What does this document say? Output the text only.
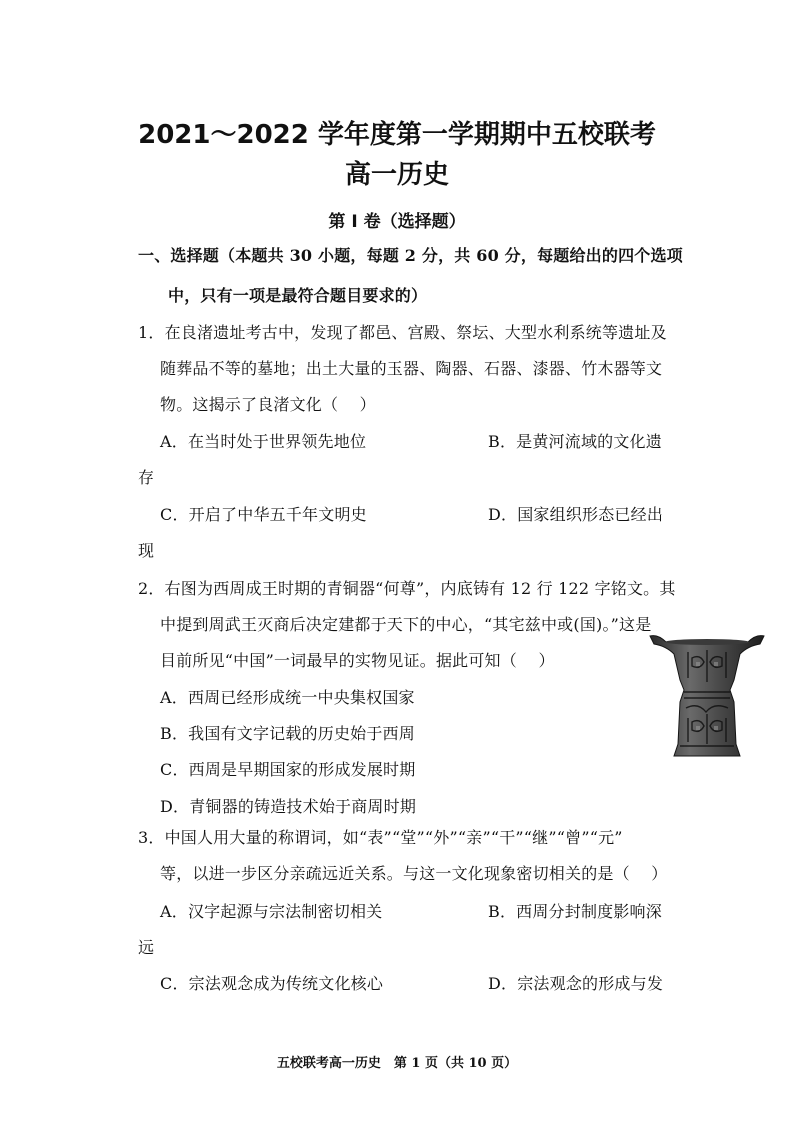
2021～2022 学年度第一学期期中五校联考
高一历史
第 I 卷（选择题）
一、选择题（本题共 30 小题，每题 2 分，共 60 分，每题给出的四个选项
中，只有一项是最符合题目要求的）
1．在良渚遗址考古中，发现了都邑、宫殿、祭坛、大型水利系统等遗址及
随葬品不等的墓地；出土大量的玉器、陶器、石器、漆器、竹木器等文
物。这揭示了良渚文化（　 ）
A．在当时处于世界领先地位	B．是黄河流域的文化遗
存
C．开启了中华五千年文明史	D．国家组织形态已经出
现
2．右图为西周成王时期的青铜器“何尊”，内底铸有 12 行 122 字铭文。其
中提到周武王灭商后决定建都于天下的中心，“其宅兹中或(国)。”这是
目前所见“中国”一词最早的实物见证。据此可知（　 ）
A．西周已经形成统一中央集权国家
B．我国有文字记载的历史始于西周
C．西周是早期国家的形成发展时期
D．青铜器的铸造技术始于商周时期
3．中国人用大量的称谓词，如“表”“堂”“外”“亲”“干”“继”“曾”“元”
等，以进一步区分亲疏远近关系。与这一文化现象密切相关的是（　 ）
A．汉字起源与宗法制密切相关	B．西周分封制度影响深
远
C．宗法观念成为传统文化核心	D．宗法观念的形成与发
五校联考高一历史　第 1 页（共 10 页）
